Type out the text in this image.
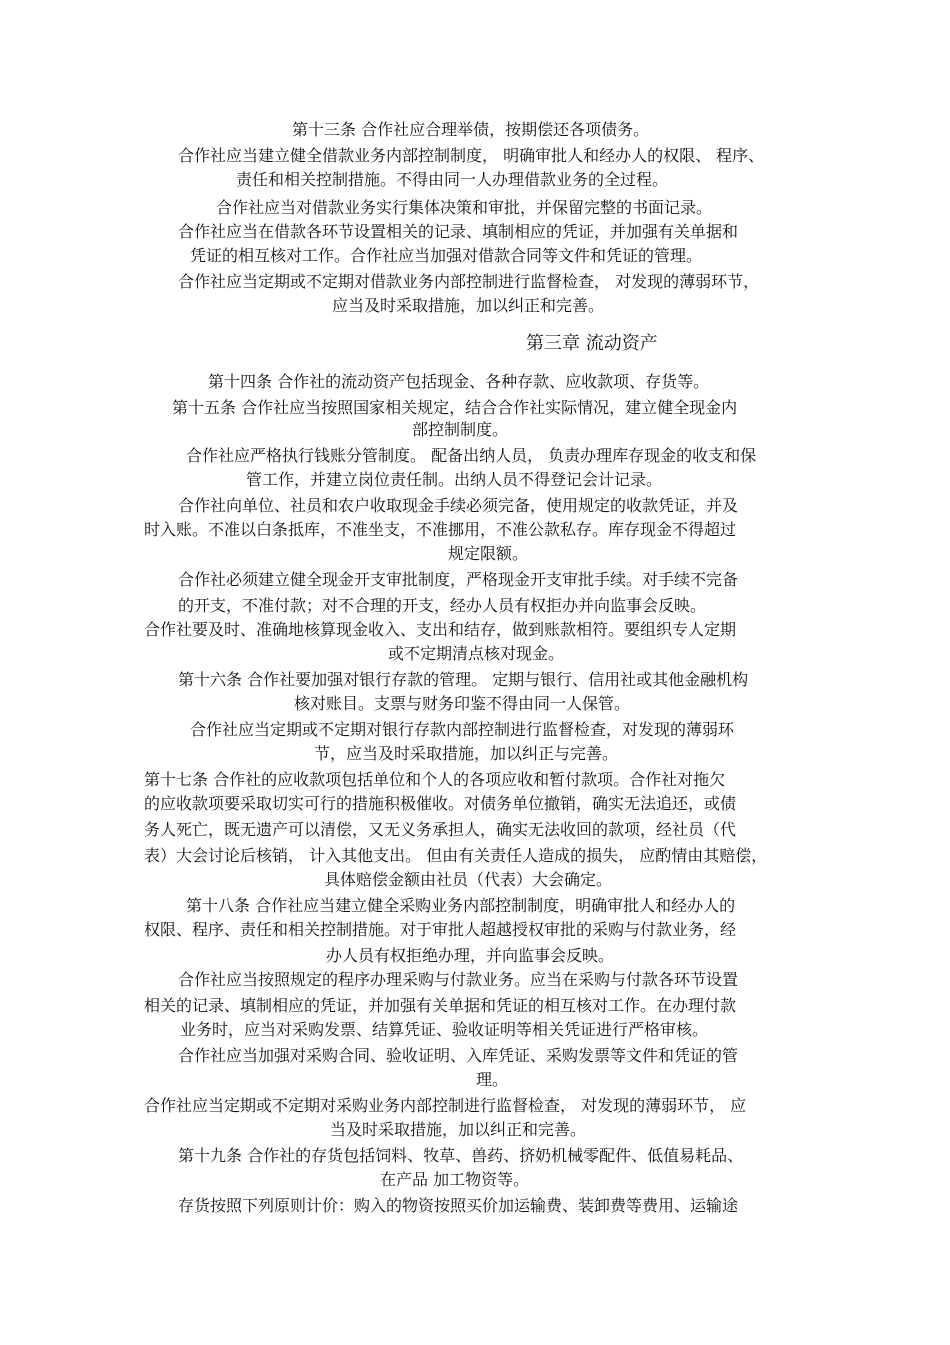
第十三条 合作社应合理举债，按期偿还各项债务。
合作社应当建立健全借款业务内部控制制度， 明确审批人和经办人的权限、 程序、
责任和相关控制措施。不得由同一人办理借款业务的全过程。
合作社应当对借款业务实行集体决策和审批，并保留完整的书面记录。
合作社应当在借款各环节设置相关的记录、填制相应的凭证，并加强有关单据和
凭证的相互核对工作。合作社应当加强对借款合同等文件和凭证的管理。
合作社应当定期或不定期对借款业务内部控制进行监督检查， 对发现的薄弱环节，
应当及时采取措施，加以纠正和完善。
第三章 流动资产
第十四条 合作社的流动资产包括现金、各种存款、应收款项、存货等。
第十五条 合作社应当按照国家相关规定，结合合作社实际情况，建立健全现金内
部控制制度。
合作社应严格执行钱账分管制度。 配备出纳人员， 负责办理库存现金的收支和保
管工作，并建立岗位责任制。出纳人员不得登记会计记录。
合作社向单位、社员和农户收取现金手续必须完备，使用规定的收款凭证，并及
时入账。不准以白条抵库，不准坐支，不准挪用，不准公款私存。库存现金不得超过
规定限额。
合作社必须建立健全现金开支审批制度，严格现金开支审批手续。对手续不完备
的开支，不准付款；对不合理的开支，经办人员有权拒办并向监事会反映。
合作社要及时、准确地核算现金收入、支出和结存，做到账款相符。要组织专人定期
或不定期清点核对现金。
第十六条 合作社要加强对银行存款的管理。 定期与银行、信用社或其他金融机构
核对账目。支票与财务印鉴不得由同一人保管。
合作社应当定期或不定期对银行存款内部控制进行监督检查，对发现的薄弱环
节，应当及时采取措施，加以纠正与完善。
第十七条 合作社的应收款项包括单位和个人的各项应收和暂付款项。合作社对拖欠
的应收款项要采取切实可行的措施积极催收。对债务单位撤销，确实无法追还，或债
务人死亡，既无遗产可以清偿，又无义务承担人，确实无法收回的款项，经社员（代
表）大会讨论后核销， 计入其他支出。 但由有关责任人造成的损失， 应酌情由其赔偿，
具体赔偿金额由社员（代表）大会确定。
第十八条 合作社应当建立健全采购业务内部控制制度，明确审批人和经办人的
权限、程序、责任和相关控制措施。对于审批人超越授权审批的采购与付款业务，经
办人员有权拒绝办理，并向监事会反映。
合作社应当按照规定的程序办理采购与付款业务。应当在采购与付款各环节设置
相关的记录、填制相应的凭证，并加强有关单据和凭证的相互核对工作。在办理付款
业务时，应当对采购发票、结算凭证、验收证明等相关凭证进行严格审核。
合作社应当加强对采购合同、验收证明、入库凭证、采购发票等文件和凭证的管
理。
合作社应当定期或不定期对采购业务内部控制进行监督检查， 对发现的薄弱环节， 应
当及时采取措施，加以纠正和完善。
第十九条 合作社的存货包括饲料、牧草、兽药、挤奶机械零配件、低值易耗品、
在产品 加工物资等。
存货按照下列原则计价：购入的物资按照买价加运输费、装卸费等费用、运输途
